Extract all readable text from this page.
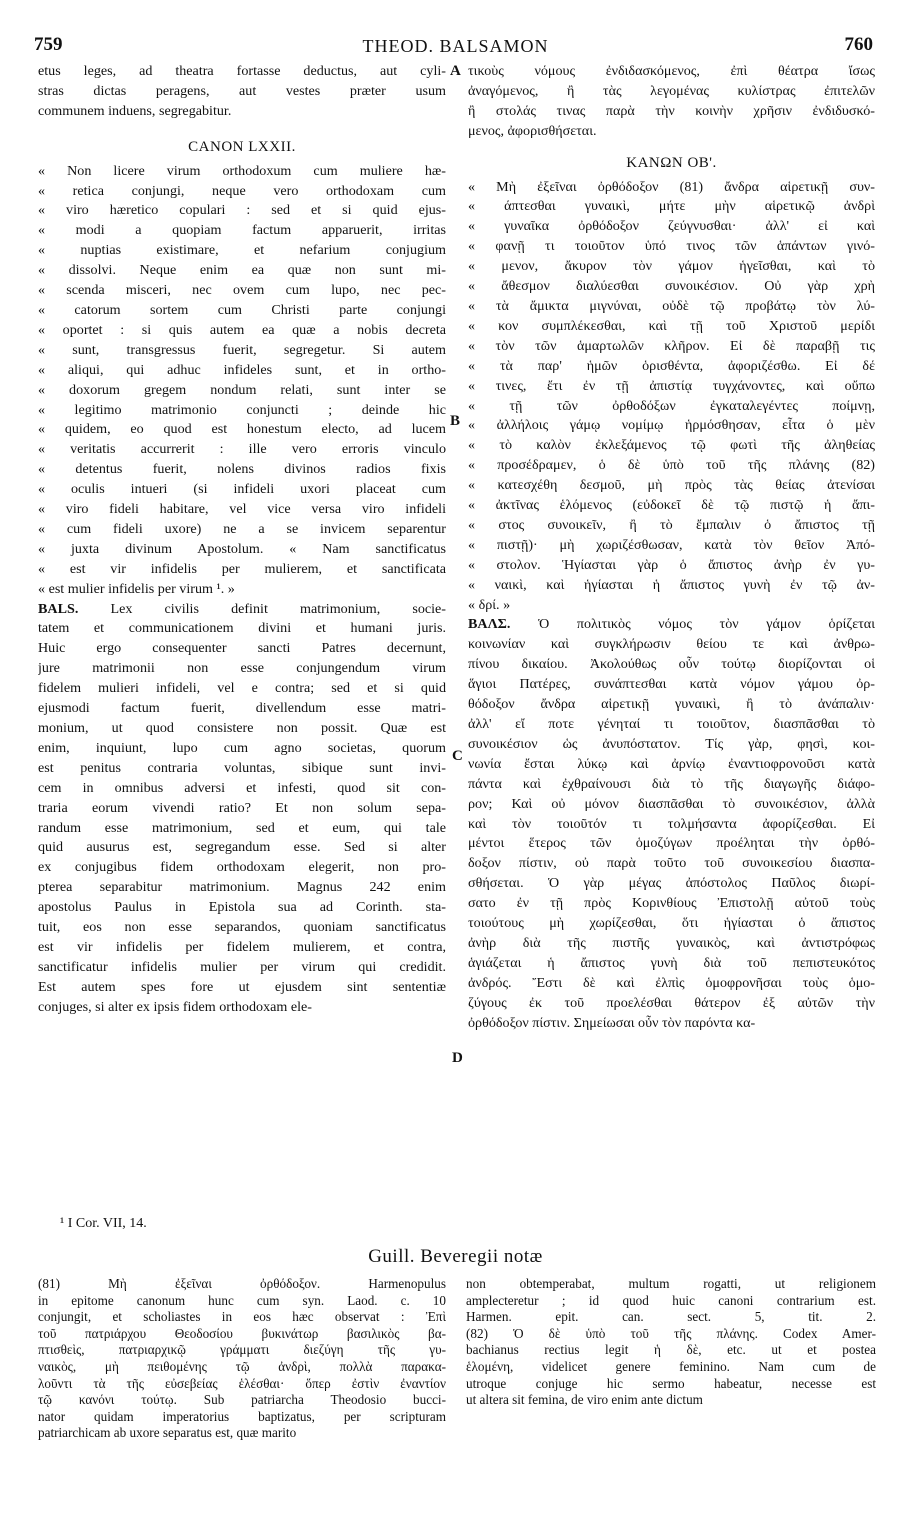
759	THEOD. BALSAMON	760
etus leges, ad theatra fortasse deductus, aut cyli-
stras dictas peragens, aut vestes præter usum
communem induens, segregabitur.
CANON LXXII.
« Non licere virum orthodoxum cum muliere hæ-
« retica conjungi, neque vero orthodoxam cum
« viro hæretico copulari : sed et si quid ejus-
« modi a quopiam factum apparuerit, irritas
« nuptias existimare, et nefarium conjugium
« dissolvi. Neque enim ea quæ non sunt mi-
« scenda misceri, nec ovem cum lupo, nec pec-
« catorum sortem cum Christi parte conjungi
« oportet : si quis autem ea quæ a nobis decreta
« sunt, transgressus fuerit, segregetur. Si autem
« aliqui, qui adhuc infideles sunt, et in ortho-
« doxorum gregem nondum relati, sunt inter se
« legitimo matrimonio conjuncti ; deinde hic
« quidem, eo quod est honestum electo, ad lucem
« veritatis accurrerit : ille vero erroris vinculo
« detentus fuerit, nolens divinos radios fixis
« oculis intueri (si infideli uxori placeat cum
« viro fideli habitare, vel vice versa viro infideli
« cum fideli uxore) ne a se invicem separentur
« juxta divinum Apostolum. « Nam sanctificatus
« est vir infidelis per mulierem, et sanctificata
« est mulier infidelis per virum ¹. »
BALS. Lex civilis definit matrimonium, socie-
tatem et communicationem divini et humani juris.
Huic ergo consequenter sancti Patres decernunt,
jure matrimonii non esse conjungendum virum
fidelem mulieri infideli, vel e contra; sed et si quid
ejusmodi factum fuerit, divellendum esse matri-
monium, ut quod consistere non possit. Quæ est
enim, inquiunt, lupo cum agno societas, quorum
est penitus contraria voluntas, sibique sunt invi-
cem in omnibus adversi et infesti, quod sit con-
traria eorum vivendi ratio? Et non solum sepa-
randum esse matrimonium, sed et eum, qui tale
quid ausurus est, segregandum esse. Sed si alter
ex conjugibus fidem orthodoxam elegerit, non pro-
pterea separabitur matrimonium. Magnus 242 enim
apostolus Paulus in Epistola sua ad Corinth. sta-
tuit, eos non esse separandos, quoniam sanctificatus
est vir infidelis per fidelem mulierem, et contra,
sanctificatur infidelis mulier per virum qui credidit.
Est autem spes fore ut ejusdem sint sententiæ
conjuges, si alter ex ipsis fidem orthodoxam ele-
τικοὺς νόμους ἐνδιδασκόμενος, ἐπὶ θέατρα ἴσως
ἀναγόμενος, ἢ τὰς λεγομένας κυλίστρας ἐπιτελῶν
ἢ στολάς τινας παρὰ τὴν κοινὴν χρῆσιν ἐνδιδυσκό-
μενος, ἀφορισθήσεται.
ΚΑΝΩΝ ΟΒ'.
« Μὴ ἐξεῖναι ὀρθόδοξον (81) ἄνδρα αἱρετικῇ συν-
« άπτεσθαι γυναικὶ, μήτε μὴν αἱρετικῷ ἀνδρὶ
« γυναῖκα ὀρθόδοξον ζεύγνυσθαι· ἀλλ' εἰ καὶ
« φανῇ τι τοιοῦτον ὑπό τινος τῶν ἁπάντων γινό-
« μενον, ἄκυρον τὸν γάμον ἡγεῖσθαι, καὶ τὸ
« ἄθεσμον διαλύεσθαι συνοικέσιον. Οὐ γὰρ χρὴ
« τὰ ἄμικτα μιγνύναι, οὐδὲ τῷ προβάτῳ τὸν λύ-
« κον συμπλέκεσθαι, καὶ τῇ τοῦ Χριστοῦ μερίδι
« τὸν τῶν ἁμαρτωλῶν κλῆρον. Εἰ δὲ παραβῇ τις
« τὰ παρ' ἡμῶν ὁρισθέντα, ἀφοριζέσθω. Εἰ δέ
« τινες, ἔτι ἐν τῇ ἀπιστίᾳ τυγχάνοντες, καὶ οὔπω
« τῇ τῶν ὀρθοδόξων ἐγκαταλεγέντες ποίμνῃ,
« ἀλλήλοις γάμῳ νομίμῳ ἡρμόσθησαν, εἶτα ὁ μὲν
« τὸ καλὸν ἐκλεξάμενος τῷ φωτὶ τῆς ἀληθείας
« προσέδραμεν, ὁ δὲ ὑπὸ τοῦ τῆς πλάνης (82)
« κατεσχέθη δεσμοῦ, μὴ πρὸς τὰς θείας ἀτενίσαι
« ἀκτῖνας ἑλόμενος (εὐδοκεῖ δὲ τῷ πιστῷ ἡ ἄπι-
« στος συνοικεῖν, ἢ τὸ ἔμπαλιν ὁ ἄπιστος τῇ
« πιστῇ)· μὴ χωριζέσθωσαν, κατὰ τὸν θεῖον Ἀπό-
« στολον. Ἡγίασται γὰρ ὁ ἄπιστος ἀνὴρ ἐν γυ-
« ναικὶ, καὶ ἡγίασται ἡ ἄπιστος γυνὴ ἐν τῷ ἀν-
« δρί. »
ΒΑΛΣ. Ὁ πολιτικὸς νόμος τὸν γάμον ὁρίζεται
κοινωνίαν καὶ συγκλήρωσιν θείου τε καὶ ἀνθρω-
πίνου δικαίου. Ἀκολούθως οὖν τούτῳ διορίζονται οἱ
ἅγιοι Πατέρες, συνάπτεσθαι κατὰ νόμον γάμου ὀρ-
θόδοξον ἄνδρα αἱρετικῇ γυναικὶ, ἢ τὸ ἀνάπαλιν·
ἀλλ' εἴ ποτε γένηταί τι τοιοῦτον, διασπᾶσθαι τὸ
συνοικέσιον ὡς ἀνυπόστατον. Τίς γὰρ, φησὶ, κοι-
νωνία ἔσται λύκῳ καὶ ἀρνίῳ ἐναντιοφρονοῦσι κατὰ
πάντα καὶ ἐχθραίνουσι διὰ τὸ τῆς διαγωγῆς διάφο-
ρον; Καὶ οὐ μόνον διασπᾶσθαι τὸ συνοικέσιον, ἀλλὰ
καὶ τὸν τοιοῦτόν τι τολμήσαντα ἀφορίζεσθαι. Εἰ
μέντοι ἕτερος τῶν ὁμοζύγων προέληται τὴν ὀρθό-
δοξον πίστιν, οὐ παρὰ τοῦτο τοῦ συνοικεσίου διασπα-
σθήσεται. Ὁ γὰρ μέγας ἀπόστολος Παῦλος διωρί-
σατο ἐν τῇ πρὸς Κορινθίους Ἐπιστολῇ αὐτοῦ τοὺς
τοιούτους μὴ χωρίζεσθαι, ὅτι ἡγίασται ὁ ἄπιστος
ἀνὴρ διὰ τῆς πιστῆς γυναικὸς, καὶ ἀντιστρόφως
ἁγιάζεται ἡ ἄπιστος γυνὴ διὰ τοῦ πεπιστευκότος
ἀνδρός. Ἔστι δὲ καὶ ἐλπὶς ὁμοφρονῆσαι τοὺς ὁμο-
ζύγους ἐκ τοῦ προελέσθαι θάτερον ἐξ αὐτῶν τὴν
ὀρθόδοξον πίστιν. Σημείωσαι οὖν τὸν παρόντα κα-
A
B
C
D
¹ I Cor. VII, 14.
Guill. Beveregii notæ
(81) Μὴ ἐξεῖναι ὀρθόδοξον. Harmenopulus
in epitome canonum hunc cum syn. Laod. c. 10
conjungit, et scholiastes in eos hæc observat : Ἐπὶ
τοῦ πατριάρχου Θεοδοσίου βυκινάτωρ βασιλικὸς βα-
πτισθεὶς, πατριαρχικῷ γράμματι διεζύγη τῆς γυ-
ναικὸς, μὴ πειθομένης τῷ ἀνδρὶ, πολλὰ παρακα-
λοῦντι τὰ τῆς εὐσεβείας ἑλέσθαι· ὅπερ ἐστὶν ἐναντίον
τῷ κανόνι τούτῳ. Sub patriarcha Theodosio bucci-
nator quidam imperatorius baptizatus, per scripturam
patriarchicam ab uxore separatus est, quæ marito
non obtemperabat, multum rogatti, ut religionem
amplecteretur ; id quod huic canoni contrarium est.
Harmen. epit. can. sect. 5, tit. 2.
(82) Ὁ δὲ ὑπὸ τοῦ τῆς πλάνης. Codex Amer-
bachianus rectius legit ἡ δὲ, etc. ut et postea
ἑλομένη, videlicet genere feminino. Nam cum de
utroque conjuge hic sermo habeatur, necesse est
ut altera sit femina, de viro enim ante dictum
